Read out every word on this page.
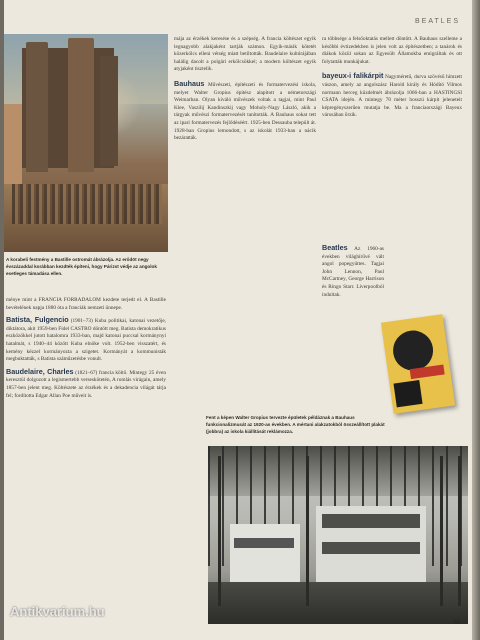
BEATLES
A korabeli festmény a Bastille ostromát ábrázolja. Az erődöt negy évszázaddal korábban kezdték építeni, hogy Párizst védje az angolok esetleges támadása ellen.

ménye mint a FRANCIA FORRADALOM kezdete terjedt el. A Bastille bevételének napja 1880 óta a franciák nemzeti ünnepe.

Batista, Fulgencio (1901–73) Kuba politikai, katonai vezetője, diktátora, akit 1959-ben Fidel CASTRO döntött meg. Batista demokratikus eszközökkel jutott hatalomra 1933-ban, majd katonai puccsal kormánynyi hatalmát, s 1940–44 között Kuba elnöke volt. 1952-ben visszatért, és kemény kézzel kormányozta a szigetet. Kormányát a kommunisták megbuktatták, s Batista száműzetésbe vonult.

Baudelaire, Charles (1821–67) francia költő. Mintegy 25 éven keresztül dolgozott a legismertebb verseskötetén, A romlás virágain, amely 1857-ben jelent meg. Költészete az érzékek és a dekadencia világát tárja fel; fordította Edgar Allan Poe műveit is.

mája az érzékek keresése és a szépség. A francia költészet egyik legnagyobb alakjaként tartják számon. Egyik-másik kötetét közerkölcs elleni vétség miatt betiltották. Baudelaire kultúrájában halálig dacolt a polgári erkölcsökkel; a modern költészet egyik atyjaként tisztelik.

Bauhaus Művészeti, építészeti és formatervezési iskola, melyet Walter Gropius építész alapított a németországi Weimarban. Olyan kiváló művészek voltak a tagjai, mint Paul Klee, Vaszilij Kandinszkij vagy Moholy-Nagy László, akik a tárgyak művészi formatervezését tanították. A Bauhaus sokat tett az ipari formatervezés fejlődéséért. 1925-ben Dessauba települt át. 1928-ban Gropius lemondott, s az iskolát 1933-ban a nácik bezáratták.

ra többsége a felsőoktatás mellett döntött. A Bauhaus szelleme a későbbi évtizedekben is jelen volt az építészetben; a tanárok és diákok közül sokan az Egyesült Államokba emigráltak és ott folytatták munkájukat.

bayeux-i falikárpit Nagyméretű, durva szövésű hímzett vászon, amely az angolszász Harold király és Hódító Vilmos normann herceg küzdelmét ábrázolja 1066-ban a HASTINGSI CSATA idején. A mintegy 70 méter hosszú kárpit jeleneteit képregényszerűen mutatja be. Ma a franciaországi Bayeux városában őrzik.

Beatles Az 1960-as években világhírűvé vált angol popegyüttes. Tagjai John Lennon, Paul McCartney, George Harrison és Ringo Starr. Liverpoolból indultak.

Fent a képen Walter Gropius tervezte épületek példáznak a Bauhaus funkcionalizmusát az 1920-as években. A mértani alakzatokból összeállított plakát (jobbra) az iskola kiállítását reklámozza.
Antikvarium.hu
69
